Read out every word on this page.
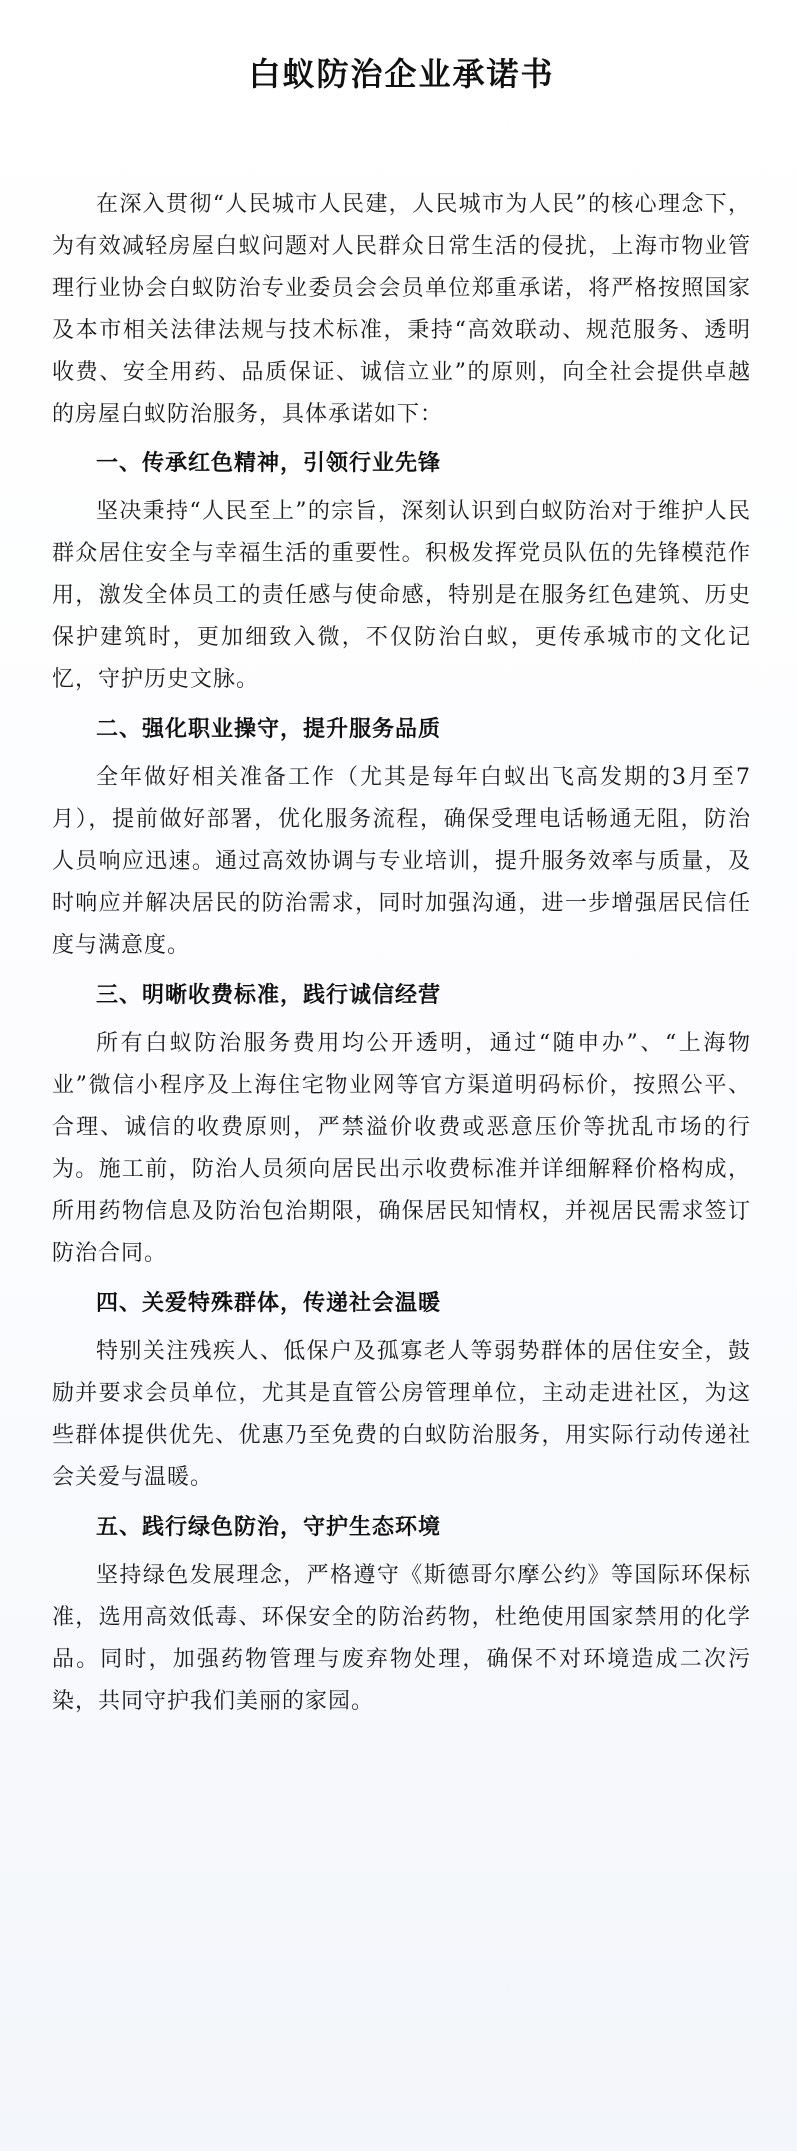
白蚁防治企业承诺书

在深入贯彻“人民城市人民建，人民城市为人民”的核心理念下，为有效减轻房屋白蚁问题对人民群众日常生活的侵扰，上海市物业管理行业协会白蚁防治专业委员会会员单位郑重承诺，将严格按照国家及本市相关法律法规与技术标准，秉持“高效联动、规范服务、透明收费、安全用药、品质保证、诚信立业”的原则，向全社会提供卓越的房屋白蚁防治服务，具体承诺如下：

一、传承红色精神，引领行业先锋

坚决秉持“人民至上”的宗旨，深刻认识到白蚁防治对于维护人民群众居住安全与幸福生活的重要性。积极发挥党员队伍的先锋模范作用，激发全体员工的责任感与使命感，特别是在服务红色建筑、历史保护建筑时，更加细致入微，不仅防治白蚁，更传承城市的文化记忆，守护历史文脉。

二、强化职业操守，提升服务品质

全年做好相关准备工作（尤其是每年白蚁出飞高发期的3月至7月），提前做好部署，优化服务流程，确保受理电话畅通无阻，防治人员响应迅速。通过高效协调与专业培训，提升服务效率与质量，及时响应并解决居民的防治需求，同时加强沟通，进一步增强居民信任度与满意度。

三、明晰收费标准，践行诚信经营

所有白蚁防治服务费用均公开透明，通过“随申办”、“上海物业”微信小程序及上海住宅物业网等官方渠道明码标价，按照公平、合理、诚信的收费原则，严禁溢价收费或恶意压价等扰乱市场的行为。施工前，防治人员须向居民出示收费标准并详细解释价格构成，所用药物信息及防治包治期限，确保居民知情权，并视居民需求签订防治合同。

四、关爱特殊群体，传递社会温暖

特别关注残疾人、低保户及孤寡老人等弱势群体的居住安全，鼓励并要求会员单位，尤其是直管公房管理单位，主动走进社区，为这些群体提供优先、优惠乃至免费的白蚁防治服务，用实际行动传递社会关爱与温暖。

五、践行绿色防治，守护生态环境

坚持绿色发展理念，严格遵守《斯德哥尔摩公约》等国际环保标准，选用高效低毒、环保安全的防治药物，杜绝使用国家禁用的化学品。同时，加强药物管理与废弃物处理，确保不对环境造成二次污染，共同守护我们美丽的家园。
